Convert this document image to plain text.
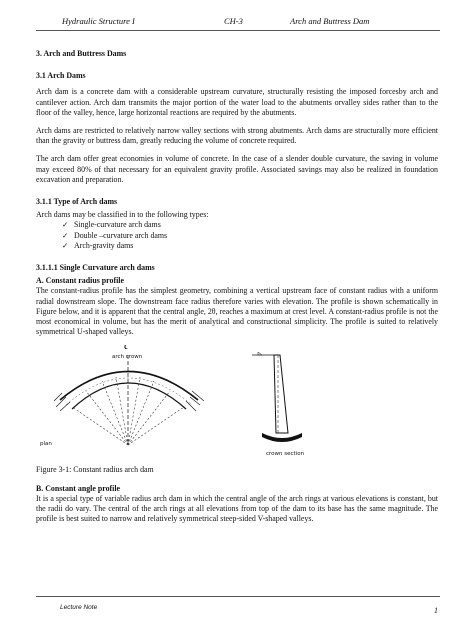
Hydraulic Structure I	CH-3	Arch and Buttress Dam
3. Arch and Buttress Dams
3.1 Arch Dams

Arch dam is a concrete dam with a considerable upstream curvature, structurally resisting the imposed forcesby arch and cantilever action. Arch dam transmits the major portion of the water load to the abutments orvalley sides rather than to the floor of the valley, hence, large horizontal reactions are required by the abutments.

Arch dams are restricted to relatively narrow valley sections with strong abutments. Arch dams are structurally more efficient than the gravity or buttress dam, greatly reducing the volume of concrete required.

The arch dam offer great economies in volume of concrete. In the case of a slender double curvature, the saving in volume may exceed 80% of that necessary for an equivalent gravity profile. Associated savings may also be realized in foundation excavation and preparation.

3.1.1 Type of Arch dams

Arch dams may be classified in to the following types:

✓ Single-curvature arch dams
✓ Double –curvature arch dams
✓ Arch-gravity dams
3.1.1.1 Single Curvature arch dams
A. Constant radius profile

The constant-radius profile has the simplest geometry, combining a vertical upstream face of constant radius with a uniform radial downstream slope. The downstream face radius therefore varies with elevation. The profile is shown schematically in Figure below, and it is apparent that the central angle, 2θ, reaches a maximum at crest level. A constant-radius profile is not the most economical in volume, but has the merit of analytical and constructional simplicity. The profile is suited to relatively symmetrical U-shaped valleys.

℄
arch crown
plan
crown section

Figure 3-1: Constant radius arch dam

B. Constant angle profile

It is a special type of variable radius arch dam in which the central angle of the arch rings at various elevations is constant, but the radii do vary. The central of the arch rings at all elevations from top of the dam to its base has the same magnitude. The profile is best suited to narrow and relatively symmetrical steep-sided V-shaped valleys.

Lecture Note	1
